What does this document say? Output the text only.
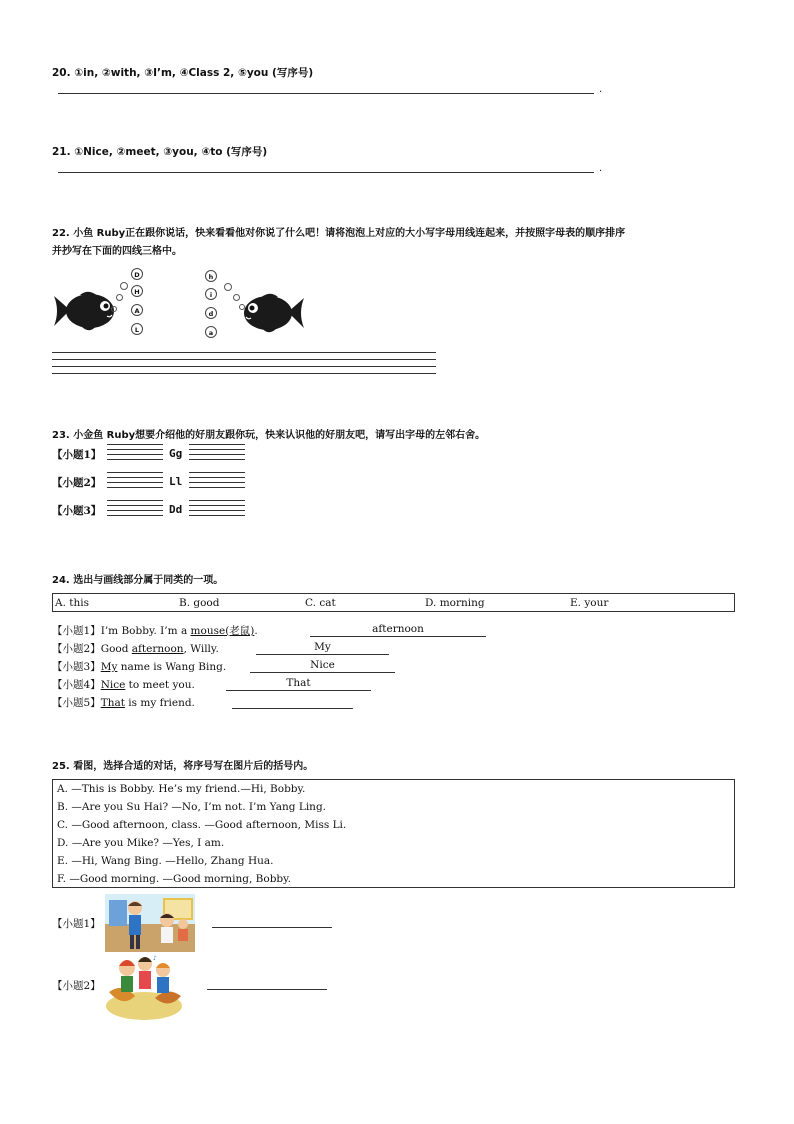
20. ①in, ②with, ③I’m, ④Class 2, ⑤you (写序号)
.
21. ①Nice, ②meet, ③you, ④to (写序号)
.
22. 小鱼 Ruby正在跟你说话，快来看看他对你说了什么吧！请将泡泡上对应的大小写字母用线连起来，并按照字母表的顺序排序
并抄写在下面的四线三格中。
D
H
A
L
h
i
d
a
23. 小金鱼 Ruby想要介绍他的好朋友跟你玩，快来认识他的好朋友吧，请写出字母的左邻右舍。
【小题1】	Gg
【小题2】	Ll
【小题3】	Dd
24. 选出与画线部分属于同类的一项。
A. this	B. good	C. cat	D. morning	E. your
【小题1】I’m Bobby. I’m a mouse(老鼠).	afternoon
【小题2】Good afternoon, Willy.	My
【小题3】My name is Wang Bing.	Nice
【小题4】Nice to meet you.	That
【小题5】That is my friend.
25. 看图，选择合适的对话，将序号写在图片后的括号内。
A. —This is Bobby. He’s my friend.—Hi, Bobby.
B. —Are you Su Hai? —No, I’m not. I’m Yang Ling.
C. —Good afternoon, class. —Good afternoon, Miss Li.
D. —Are you Mike? —Yes, I am.
E. —Hi, Wang Bing. —Hello, Zhang Hua.
F. —Good morning. —Good morning, Bobby.
【小题1】
【小题2】
♪
